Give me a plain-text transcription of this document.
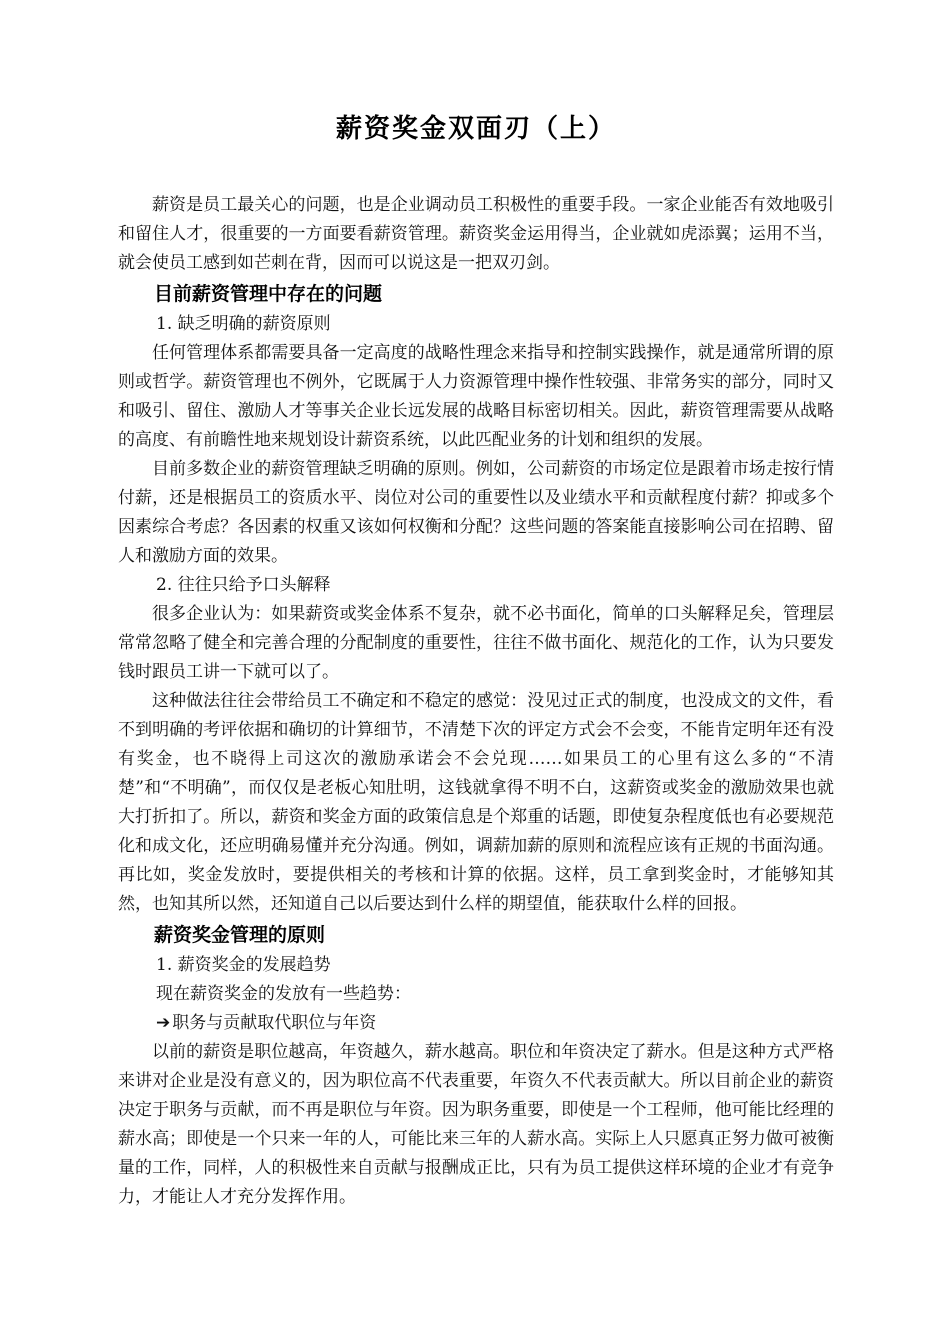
薪资奖金双面刃（上）

薪资是员工最关心的问题，也是企业调动员工积极性的重要手段。一家企业能否有效地吸引和留住人才，很重要的一方面要看薪资管理。薪资奖金运用得当，企业就如虎添翼；运用不当，就会使员工感到如芒刺在背，因而可以说这是一把双刃剑。

目前薪资管理中存在的问题

1. 缺乏明确的薪资原则

任何管理体系都需要具备一定高度的战略性理念来指导和控制实践操作，就是通常所谓的原则或哲学。薪资管理也不例外，它既属于人力资源管理中操作性较强、非常务实的部分，同时又和吸引、留住、激励人才等事关企业长远发展的战略目标密切相关。因此，薪资管理需要从战略的高度、有前瞻性地来规划设计薪资系统，以此匹配业务的计划和组织的发展。

目前多数企业的薪资管理缺乏明确的原则。例如，公司薪资的市场定位是跟着市场走按行情付薪，还是根据员工的资质水平、岗位对公司的重要性以及业绩水平和贡献程度付薪？抑或多个因素综合考虑？各因素的权重又该如何权衡和分配？这些问题的答案能直接影响公司在招聘、留人和激励方面的效果。

2. 往往只给予口头解释

很多企业认为：如果薪资或奖金体系不复杂，就不必书面化，简单的口头解释足矣，管理层常常忽略了健全和完善合理的分配制度的重要性，往往不做书面化、规范化的工作，认为只要发钱时跟员工讲一下就可以了。

这种做法往往会带给员工不确定和不稳定的感觉：没见过正式的制度，也没成文的文件，看不到明确的考评依据和确切的计算细节，不清楚下次的评定方式会不会变，不能肯定明年还有没有奖金，也不晓得上司这次的激励承诺会不会兑现……如果员工的心里有这么多的“不清楚”和“不明确”，而仅仅是老板心知肚明，这钱就拿得不明不白，这薪资或奖金的激励效果也就大打折扣了。所以，薪资和奖金方面的政策信息是个郑重的话题，即使复杂程度低也有必要规范化和成文化，还应明确易懂并充分沟通。例如，调薪加薪的原则和流程应该有正规的书面沟通。再比如，奖金发放时，要提供相关的考核和计算的依据。这样，员工拿到奖金时，才能够知其然，也知其所以然，还知道自己以后要达到什么样的期望值，能获取什么样的回报。

薪资奖金管理的原则

1. 薪资奖金的发展趋势

现在薪资奖金的发放有一些趋势：

➔ 职务与贡献取代职位与年资

以前的薪资是职位越高，年资越久，薪水越高。职位和年资决定了薪水。但是这种方式严格来讲对企业是没有意义的，因为职位高不代表重要，年资久不代表贡献大。所以目前企业的薪资决定于职务与贡献，而不再是职位与年资。因为职务重要，即使是一个工程师，他可能比经理的薪水高；即使是一个只来一年的人，可能比来三年的人薪水高。实际上人只愿真正努力做可被衡量的工作，同样，人的积极性来自贡献与报酬成正比，只有为员工提供这样环境的企业才有竞争力，才能让人才充分发挥作用。
